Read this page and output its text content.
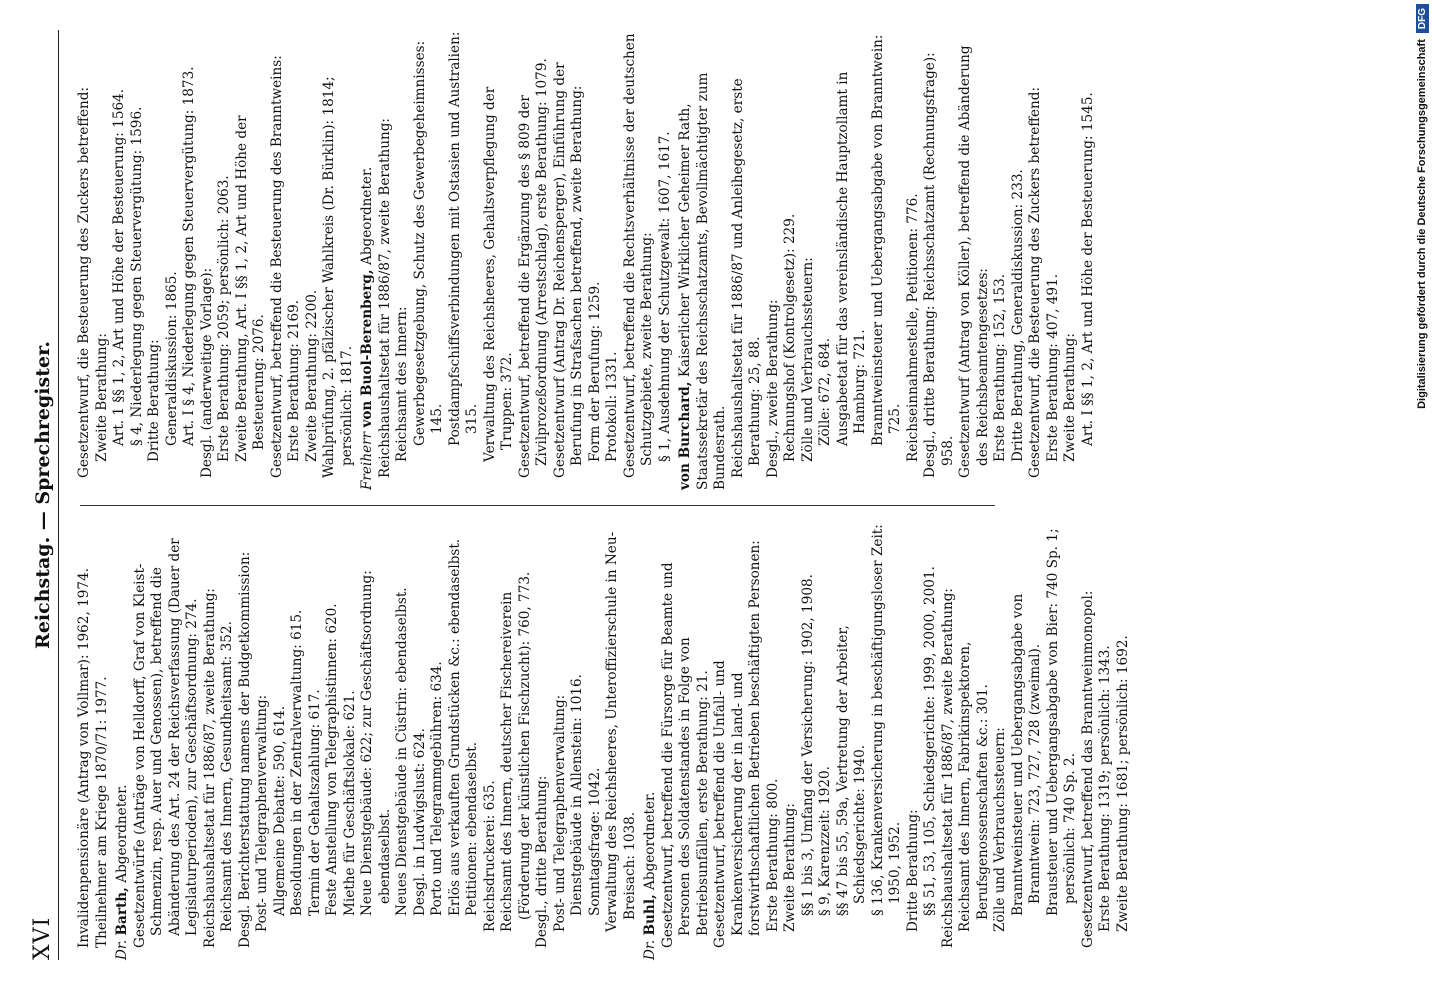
XVI
Reichstag. — Sprechregister.

Invalidenpensionäre (Antrag von Vollmar): 1962, 1974. Theilnehmer am Kriege 1870/71: 1977.

Dr. Barth, Abgeordneter. Gesetzentwürfe (Anträge von Helldorff, Graf von Kleist-Schmenzin, resp. Auer und Genossen), betreffend die Abänderung des Art. 24 der Reichsverfassung (Dauer der Legislaturperioden), zur Geschäftsordnung: 274. Reichshaushaltsetat für 1886/87, zweite Berathung: Reichsamt des Innern, Gesundheitsamt: 352. Desgl. Berichterstattung namens der Budgetkommission: Post- und Telegraphenverwaltung: Allgemeine Debatte: 590, 614. Besoldungen in der Zentralverwaltung: 615. Termin der Gehaltszahlung: 617. Feste Anstellung von Telegraphistinnen: 620. Miethe für Geschäftslokale: 621. Neue Dienstgebäude: 622; zur Geschäftsordnung: ebendaselbst. Neues Dienstgebäude in Cüstrin: ebendaselbst. Desgl. in Ludwigslust: 624. Porto und Telegrammgebühren: 634. Erlös aus verkauften Grundstücken &c.: ebendaselbst. Petitionen: ebendaselbst. Reichsdruckerei: 635. Reichsamt des Innern, deutscher Fischereiverein (Förderung der künstlichen Fischzucht): 760, 773. Desgl., dritte Berathung: Post- und Telegraphenverwaltung: Dienstgebäude in Allenstein: 1016. Sonntagsfrage: 1042. Verwaltung des Reichsheeres, Unteroffizierschule in Neu-Breisach: 1038.

Dr. Buhl, Abgeordneter. Gesetzentwurf, betreffend die Fürsorge für Beamte und Personen des Soldatenstandes in Folge von Betriebsunfällen, erste Berathung: 21. Gesetzentwurf, betreffend die Unfall- und Krankenversicherung der in land- und forstwirthschaftlichen Betrieben beschäftigten Personen: Erste Berathung: 800. Zweite Berathung: §§ 1 bis 3, Umfang der Versicherung: 1902, 1908. § 9, Karenzzeit: 1920. §§ 47 bis 55, 59a, Vertretung der Arbeiter, Schiedsgerichte: 1940. § 136, Krankenversicherung in beschäftigungsloser Zeit: 1950, 1952. Dritte Berathung: §§ 51, 53, 105, Schiedsgerichte: 1999, 2000, 2001. Reichshaushaltsetat für 1886/87, zweite Berathung: Reichsamt des Innern, Fabrikinspektoren, Berufsgenossenschaften &c.: 301. Zölle und Verbrauchssteuern: Branntweinsteuer und Uebergangsabgabe von Branntwein: 723, 727, 728 (zweimal). Brausteuer und Uebergangsabgabe von Bier: 740 Sp. 1; persönlich: 740 Sp. 2. Gesetzentwurf, betreffend das Branntweinmonopol: Erste Berathung: 1319; persönlich: 1343. Zweite Berathung: 1681; persönlich: 1692.

Gesetzentwurf, die Besteuerung des Zuckers betreffend: Zweite Berathung: Art. 1 §§ 1, 2, Art und Höhe der Besteuerung: 1564. § 4, Niederlegung gegen Steuervergütung: 1596. Dritte Berathung: Generaldiskussion: 1865. Art. I § 4, Niederlegung gegen Steuervergütung: 1873. Desgl. (anderweitige Vorlage): Erste Berathung: 2059; persönlich: 2063. Zweite Berathung, Art. I §§ 1, 2, Art und Höhe der Besteuerung: 2076. Gesetzentwurf, betreffend die Besteuerung des Branntweins: Erste Berathung: 2169. Zweite Berathung: 2200. Wahlprüfung, 2. pfälzischer Wahlkreis (Dr. Bürklin): 1814; persönlich: 1817. Freiherr von Buol-Berenberg, Abgeordneter. Reichshaushaltsetat für 1886/87, zweite Berathung: Reichsamt des Innern: Gewerbegesetzgebung, Schutz des Gewerbegeheimnisses: 145. Postdampfschiffsverbindungen mit Ostasien und Australien: 315. Verwaltung des Reichsheeres, Gehaltsverpflegung der Truppen: 372. Gesetzentwurf, betreffend die Ergänzung des § 809 der Zivilprozeßordnung (Arrestschlag), erste Berathung: 1079. Gesetzentwurf (Antrag Dr. Reichensperger), Einführung der Berufung in Strafsachen betreffend, zweite Berathung: Form der Berufung: 1259. Protokoll: 1331. Gesetzentwurf, betreffend die Rechtsverhältnisse der deutschen Schutzgebiete, zweite Berathung: § 1, Ausdehnung der Schutzgewalt: 1607, 1617. von Burchard, Kaiserlicher Wirklicher Geheimer Rath, Staatssekretär des Reichsschatzamts, Bevollmächtigter zum Bundesrath. Reichshaushaltsetat für 1886/87 und Anleihegesetz, erste Berathung: 25, 88. Desgl., zweite Berathung: Rechnungshof (Kontrolgesetz): 229. Zölle und Verbrauchssteuern: Zölle: 672, 684. Ausgabeetat für das vereinsländische Hauptzollamt in Hamburg: 721. Branntweinsteuer und Uebergangsabgabe von Branntwein: 725. Reichseinnahmestelle, Petitionen: 776. Desgl., dritte Berathung: Reichsschatzamt (Rechnungsfrage): 958. Gesetzentwurf (Antrag von Köller), betreffend die Abänderung des Reichsbeamtengesetzes: Erste Berathung: 152, 153. Dritte Berathung, Generaldiskussion: 233. Gesetzentwurf, die Besteuerung des Zuckers betreffend: Erste Berathung: 407, 491. Zweite Berathung: Art. I §§ 1, 2, Art und Höhe der Besteuerung: 1545.	Digitalisierung gefördert durch die Deutsche Forschungsgemeinschaft
DFG
